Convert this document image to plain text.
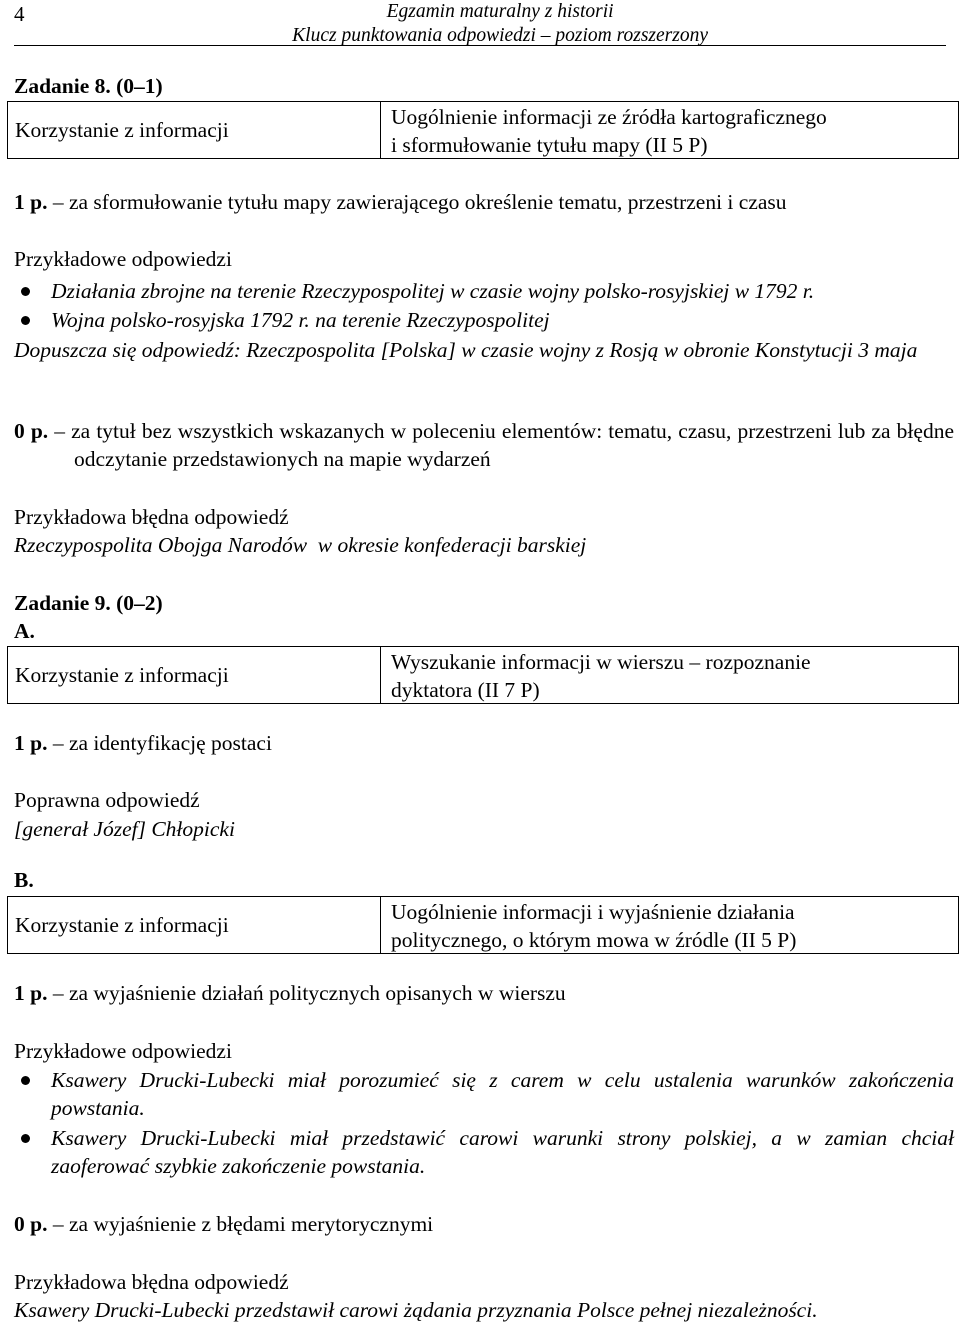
4	Egzamin maturalny z historii
Klucz punktowania odpowiedzi – poziom rozszerzony
Zadanie 8. (0–1)
Korzystanie z informacji
Uogólnienie informacji ze źródła kartograficznego
i sformułowanie tytułu mapy (II 5 P)
1 p. – za sformułowanie tytułu mapy zawierającego określenie tematu, przestrzeni i czasu
Przykładowe odpowiedzi
Działania zbrojne na terenie Rzeczypospolitej w czasie wojny polsko-rosyjskiej w 1792 r.
Wojna polsko-rosyjska 1792 r. na terenie Rzeczypospolitej
Dopuszcza się odpowiedź: Rzeczpospolita [Polska] w czasie wojny z Rosją w obronie Konstytucji 3 maja
0 p. – za tytuł bez wszystkich wskazanych w poleceniu elementów: tematu, czasu, przestrzeni lub za błędne odczytanie przedstawionych na mapie wydarzeń
Przykładowa błędna odpowiedź
Rzeczypospolita Obojga Narodów  w okresie konfederacji barskiej
Zadanie 9. (0–2)
A.
Korzystanie z informacji
Wyszukanie informacji w wierszu – rozpoznanie
dyktatora (II 7 P)
1 p. – za identyfikację postaci
Poprawna odpowiedź
[generał Józef] Chłopicki
B.
Korzystanie z informacji
Uogólnienie informacji i wyjaśnienie działania
politycznego, o którym mowa w źródle (II 5 P)
1 p. – za wyjaśnienie działań politycznych opisanych w wierszu
Przykładowe odpowiedzi
Ksawery Drucki-Lubecki miał porozumieć się z carem w celu ustalenia warunków zakończenia powstania.
Ksawery Drucki-Lubecki miał przedstawić carowi warunki strony polskiej, a w zamian chciał zaoferować szybkie zakończenie powstania.
0 p. – za wyjaśnienie z błędami merytorycznymi
Przykładowa błędna odpowiedź
Ksawery Drucki-Lubecki przedstawił carowi żądania przyznania Polsce pełnej niezależności.
